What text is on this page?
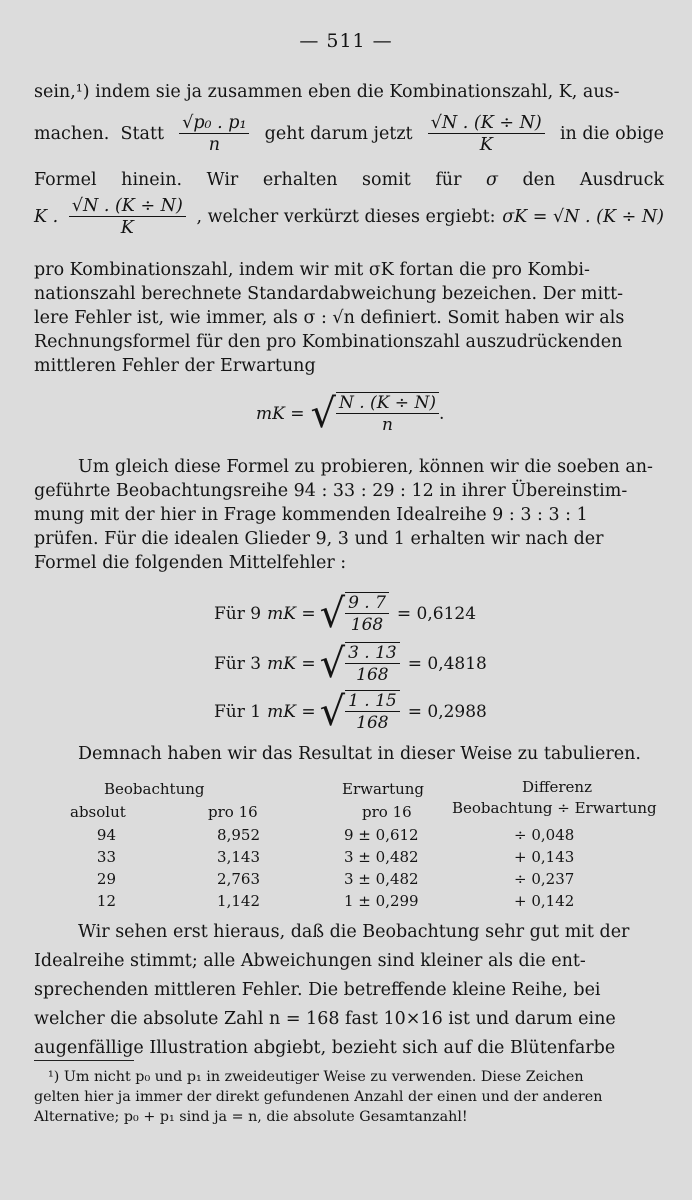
— 511 —
sein,¹) indem sie ja zusammen eben die Kombinationszahl, K, aus-
machen. Statt $\frac{\text{√p₀ . p₁}}{n}$ geht darum jetzt $\frac{√N . (K \div N)}{K}$ in die obige
Formel hinein. Wir erhalten somit für σ den Ausdruck
K . $\frac{√N . (K \div N)}{K}$ , welcher verkürzt dieses ergiebt: σK = √N . (K ÷ N)
pro Kombinationszahl, indem wir mit σK fortan die pro Kombi-
nationszahl berechnete Standardabweichung bezeichen. Der mitt-
lere Fehler ist, wie immer, als σ : √n definiert. Somit haben wir als
Rechnungsformel für den pro Kombinationszahl auszudrückenden
mittleren Fehler der Erwartung
mK = √ $\frac{N . (K \div N)}{n}$ .
Um gleich diese Formel zu probieren, können wir die soeben an-
geführte Beobachtungsreihe 94 : 33 : 29 : 12 in ihrer Übereinstim-
mung mit der hier in Frage kommenden Idealreihe 9 : 3 : 3 : 1
prüfen. Für die idealen Glieder 9, 3 und 1 erhalten wir nach der
Formel die folgenden Mittelfehler :
Für 9 mK = √ $\frac{9 . 7}{168} = 0,6124$
Für 3 mK = √ $\frac{3 . 13}{168} = 0,4818$
Für 1 mK = √ $\frac{1 . 15}{168} = 0,2988$
Demnach haben wir das Resultat in dieser Weise zu tabulieren.
Beobachtung	Erwartung	Differenz
absolut	pro 16	pro 16	Beobachtung ÷ Erwartung
94	8,952	9 ± 0,612	÷ 0,048
33	3,143	3 ± 0,482	+ 0,143
29	2,763	3 ± 0,482	÷ 0,237
12	1,142	1 ± 0,299	+ 0,142
Wir sehen erst hieraus, daß die Beobachtung sehr gut mit der
Idealreihe stimmt; alle Abweichungen sind kleiner als die ent-
sprechenden mittleren Fehler. Die betreffende kleine Reihe, bei
welcher die absolute Zahl n = 168 fast 10×16 ist und darum eine
augenfällige Illustration abgiebt, bezieht sich auf die Blütenfarbe
¹) Um nicht p₀ und p₁ in zweideutiger Weise zu verwenden. Diese Zeichen
gelten hier ja immer der direkt gefundenen Anzahl der einen und der anderen
Alternative; p₀ + p₁ sind ja = n, die absolute Gesamtanzahl!
